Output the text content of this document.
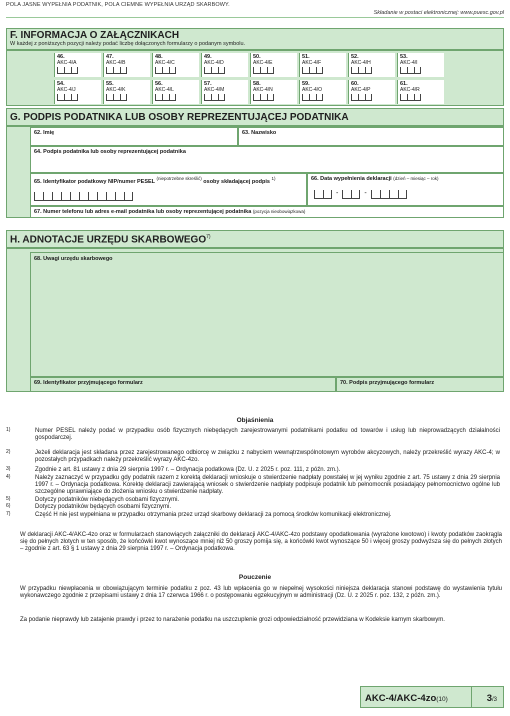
POLA JASNE WYPEŁNIA PODATNIK, POLA CIEMNE WYPEŁNIA URZĄD SKARBOWY.
Składanie w postaci elektronicznej: www.puesc.gov.pl
F. INFORMACJA O ZAŁĄCZNIKACH
W każdej z poniższych pozycji należy podać liczbę dołączonych formularzy o podanym symbolu.
46.
AKC-4/A
47.
AKC-4/B
48.
AKC-4/C
49.
AKC-4/D
50.
AKC-4/E
51.
AKC-4/F
52.
AKC-4/H
53.
AKC-4/I
54.
AKC-4/J
55.
AKC-4/K
56.
AKC-4/L
57.
AKC-4/M
58.
AKC-4/N
59.
AKC-4/O
60.
AKC-4/P
61.
AKC-4/R
G. PODPIS PODATNIKA LUB OSOBY REPREZENTUJĄCEJ PODATNIKA
62. Imię	63. Nazwisko
64. Podpis podatnika lub osoby reprezentującej podatnika
65. Identyfikator podatkowy NIP/numer PESEL $^{(niepotrzebne skreślić)}$ osoby składającej podpis $^{1)}$	66. Data wypełnienia deklaracji (dzień – miesiąc – rok)
-	-
67. Numer telefonu lub adres e-mail podatnika lub osoby reprezentującej podatnika (pozycja nieobowiązkowa)
H. ADNOTACJE URZĘDU SKARBOWEGO$^{7)}$
68. Uwagi urzędu skarbowego
69. Identyfikator przyjmującego formularz	70. Podpis przyjmującego formularz
Objaśnienia
1)	Numer PESEL należy podać w przypadku osób fizycznych niebędących zarejestrowanymi podatnikami podatku od towarów i usług lub nieprowadzących działalności gospodarczej.
2)	Jeżeli deklaracja jest składana przez zarejestrowanego odbiorcę w związku z nabyciem wewnątrzwspólnotowym wyrobów akcyzowych, należy przekreślić wyrazy AKC-4; w pozostałych przypadkach należy przekreślić wyrazy AKC-4zo.
3)	Zgodnie z art. 81 ustawy z dnia 29 sierpnia 1997 r. – Ordynacja podatkowa (Dz. U. z 2025 r. poz. 111, z późn. zm.).
4)	Należy zaznaczyć w przypadku gdy podatnik razem z korektą deklaracji wnioskuje o stwierdzenie nadpłaty powstałej w jej wyniku zgodnie z art. 75 ustawy z dnia 29 sierpnia 1997 r. – Ordynacja podatkowa. Korektę deklaracji zawierającą wniosek o stwierdzenie nadpłaty podpisuje podatnik lub pełnomocnik posiadający pełnomocnictwo ogólne lub szczególne uprawniające do złożenia wniosku o stwierdzenie nadpłaty.
5)	Dotyczy podatników niebędących osobami fizycznymi.
6)	Dotyczy podatników będących osobami fizycznymi.
7)	Część H nie jest wypełniana w przypadku otrzymania przez urząd skarbowy deklaracji za pomocą środków komunikacji elektronicznej.
W deklaracji AKC-4/AKC-4zo oraz w formularzach stanowiących załączniki do deklaracji AKC-4/AKC-4zo podstawy opodatkowania (wyrażone kwotowo) i kwoty podatków zaokrągla się do pełnych złotych w ten sposób, że końcówki kwot wynoszące mniej niż 50 groszy pomija się, a końcówki kwot wynoszące 50 i więcej groszy podwyższa się do pełnych złotych – zgodnie z art. 63 § 1 ustawy z dnia 29 sierpnia 1997 r. – Ordynacja podatkowa.
Pouczenie
W przypadku niewpłacenia w obowiązującym terminie podatku z poz. 43 lub wpłacenia go w niepełnej wysokości niniejsza deklaracja stanowi podstawę do wystawienia tytułu wykonawczego zgodnie z przepisami ustawy z dnia 17 czerwca 1966 r. o postępowaniu egzekucyjnym w administracji (Dz. U. z 2025 r. poz. 132, z późn. zm.).
Za podanie nieprawdy lub zatajenie prawdy i przez to narażenie podatku na uszczuplenie grozi odpowiedzialność przewidziana w Kodeksie karnym skarbowym.
AKC-4/AKC-4zo(10)	3/3
